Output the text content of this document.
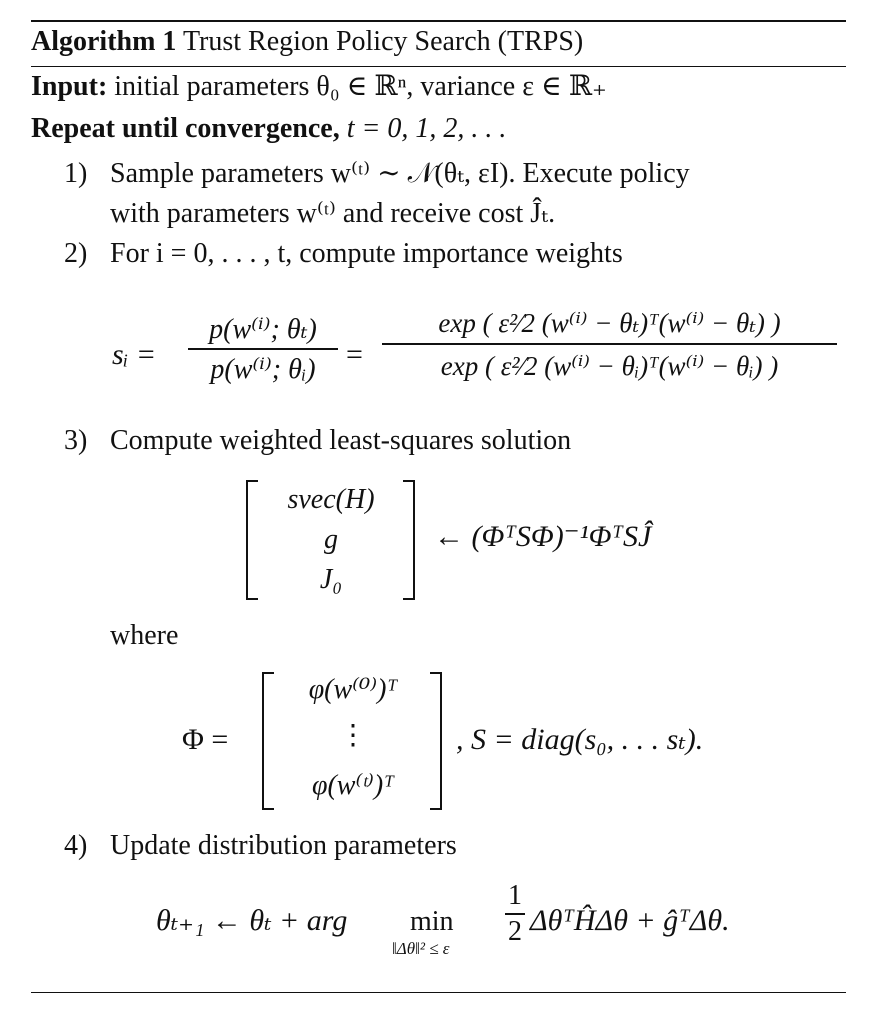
Algorithm 1 Trust Region Policy Search (TRPS)
Input: initial parameters θ₀ ∈ ℝⁿ, variance ε ∈ ℝ₊
Repeat until convergence, t = 0, 1, 2, . . .
1) Sample parameters w⁽ᵗ⁾ ∼ 𝒩(θₜ, εI). Execute policy
with parameters w⁽ᵗ⁾ and receive cost Ĵₜ.
2) For i = 0, . . . , t, compute importance weights
sᵢ = $\frac{\text{p(w⁽ⁱ⁾; θₜ)}}{\text{p(w⁽ⁱ⁾; θᵢ)}} = \frac{\text{exp ( ε²⁄2 (w⁽ⁱ⁾ − θₜ)ᵀ(w⁽ⁱ⁾ − θₜ) )}}{\text{exp ( ε²⁄2 (w⁽ⁱ⁾ − θᵢ)ᵀ(w⁽ⁱ⁾ − θᵢ) )}}$
3) Compute weighted least-squares solution
svec(H)
g
J₀
← (ΦᵀSΦ)⁻¹ΦᵀSĴ
where
Φ =
φ(w⁽⁰⁾)ᵀ
⋮
φ(w⁽ᵗ⁾)ᵀ
, S = diag(s₀, . . . sₜ).
4) Update distribution parameters
θₜ₊₁ ← θₜ + arg min
‖Δθ‖² ≤ ε
$\frac{1}{2}$ ΔθᵀĤΔθ + ĝᵀΔθ.
